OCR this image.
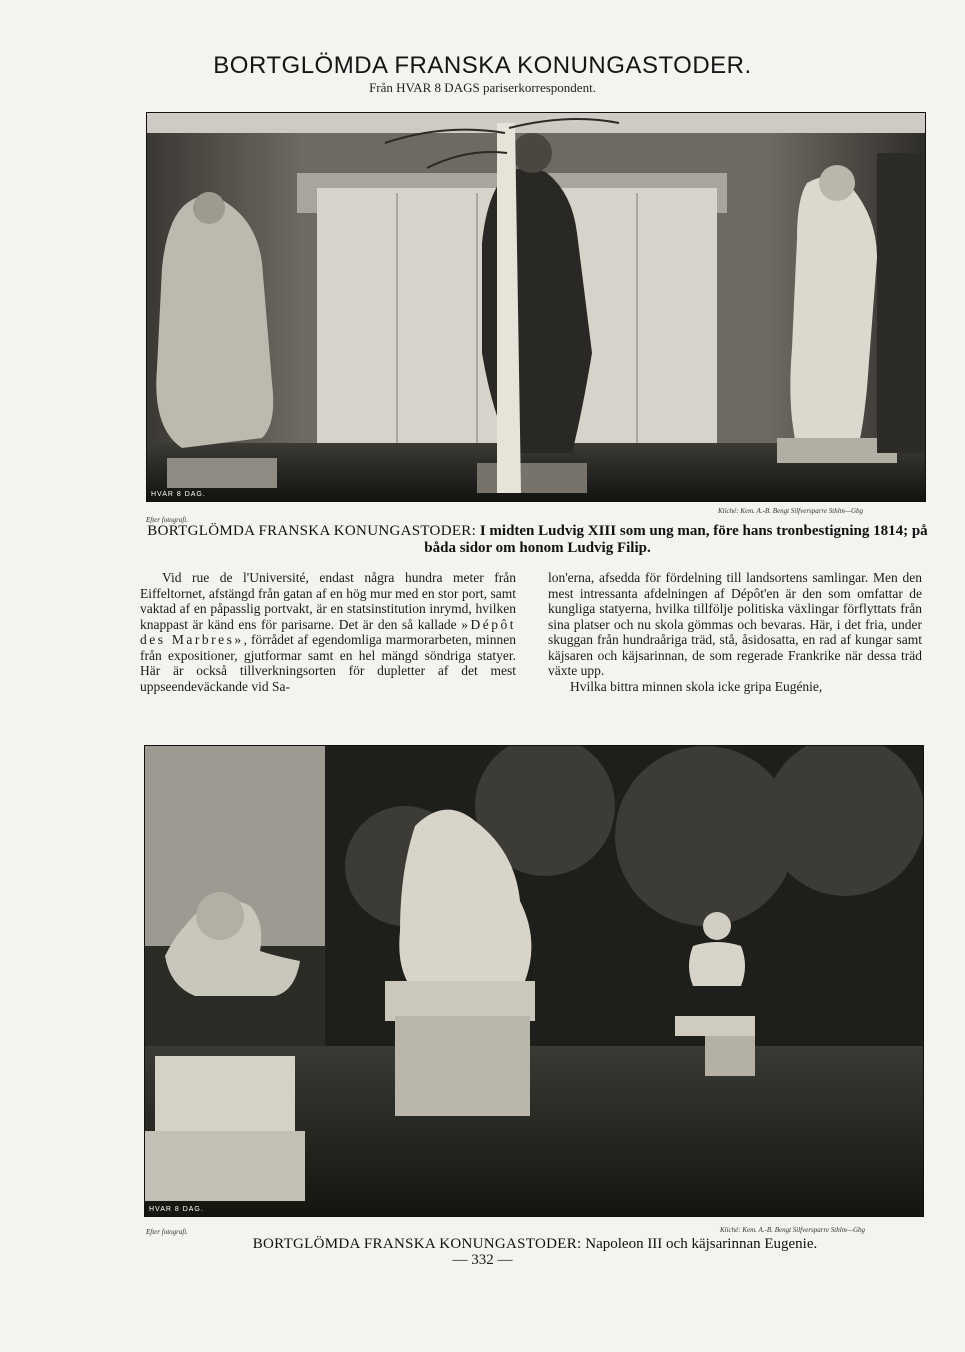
BORTGLÖMDA FRANSKA KONUNGASTODER.
Från HVAR 8 DAGS pariserkorrespondent.
HVAR 8 DAG.
Efter fotografi.
Kliché: Kem. A.-B. Bengt Silfversparre Sthlm—Gbg
BORTGLÖMDA FRANSKA KONUNGASTODER: I midten Ludvig XIII som ung man, före hans tronbestigning 1814; på båda sidor om honom Ludvig Filip.

Vid rue de l'Université, endast några hundra meter från Eiffeltornet, afstängd från gatan af en hög mur med en stor port, samt vaktad af en påpasslig portvakt, är en statsinstitution inrymd, hvilken knappast är känd ens för parisarne. Det är den så kallade »Dépôt des Marbres», förrådet af egendomliga marmorarbeten, minnen från expositioner, gjutformar samt en hel mängd söndriga statyer. Här är också tillverkningsorten för dupletter af det mest uppseendeväckande vid Sa-

lon'erna, afsedda för fördelning till landsortens samlingar. Men den mest intressanta afdelningen af Dépôt'en är den som omfattar de kungliga statyerna, hvilka tillfölje politiska växlingar förflyttats från sina platser och nu skola gömmas och bevaras. Här, i det fria, under skuggan från hundraåriga träd, stå, åsidosatta, en rad af kungar samt käjsaren och käjsarinnan, de som regerade Frankrike när dessa träd växte upp.

Hvilka bittra minnen skola icke gripa Eugénie,

HVAR 8 DAG.
Efter fotografi.	Kliché: Kem. A.-B. Bengt Silfversparre Sthlm—Gbg
BORTGLÖMDA FRANSKA KONUNGASTODER: Napoleon III och käjsarinnan Eugenie.
— 332 —
